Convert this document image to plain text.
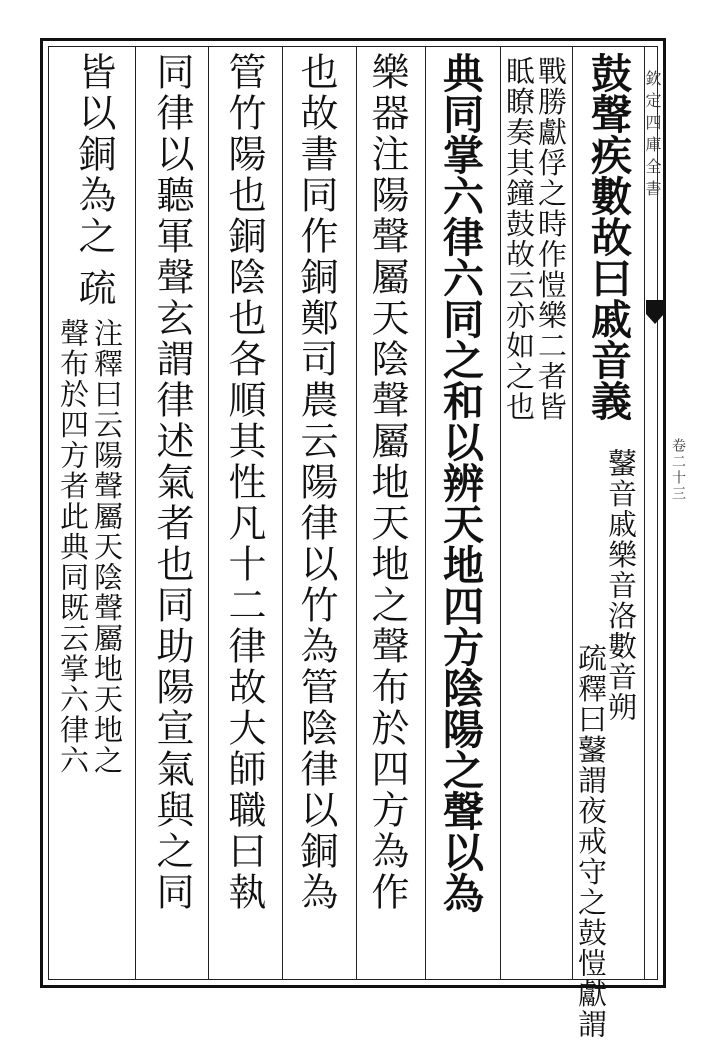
欽定四庫全書
卷二十三
鼓聲疾數故曰戚音義
鼜音戚樂音洛數音朔
疏釋曰鼜謂夜戒守之鼓愷獻謂
戰勝獻俘之時作愷樂二者皆
眡瞭奏其鐘鼓故云亦如之也
典同掌六律六同之和以辨天地四方陰陽之聲以為
樂器注陽聲屬天陰聲屬地天地之聲布於四方為作
也故書同作銅鄭司農云陽律以竹為管陰律以銅為
管竹陽也銅陰也各順其性凡十二律故大師職曰執
同律以聽軍聲玄謂律述氣者也同助陽宣氣與之同
皆以銅為之
疏
注釋曰云陽聲屬天陰聲屬地天地之
聲布於四方者此典同既云掌六律六
